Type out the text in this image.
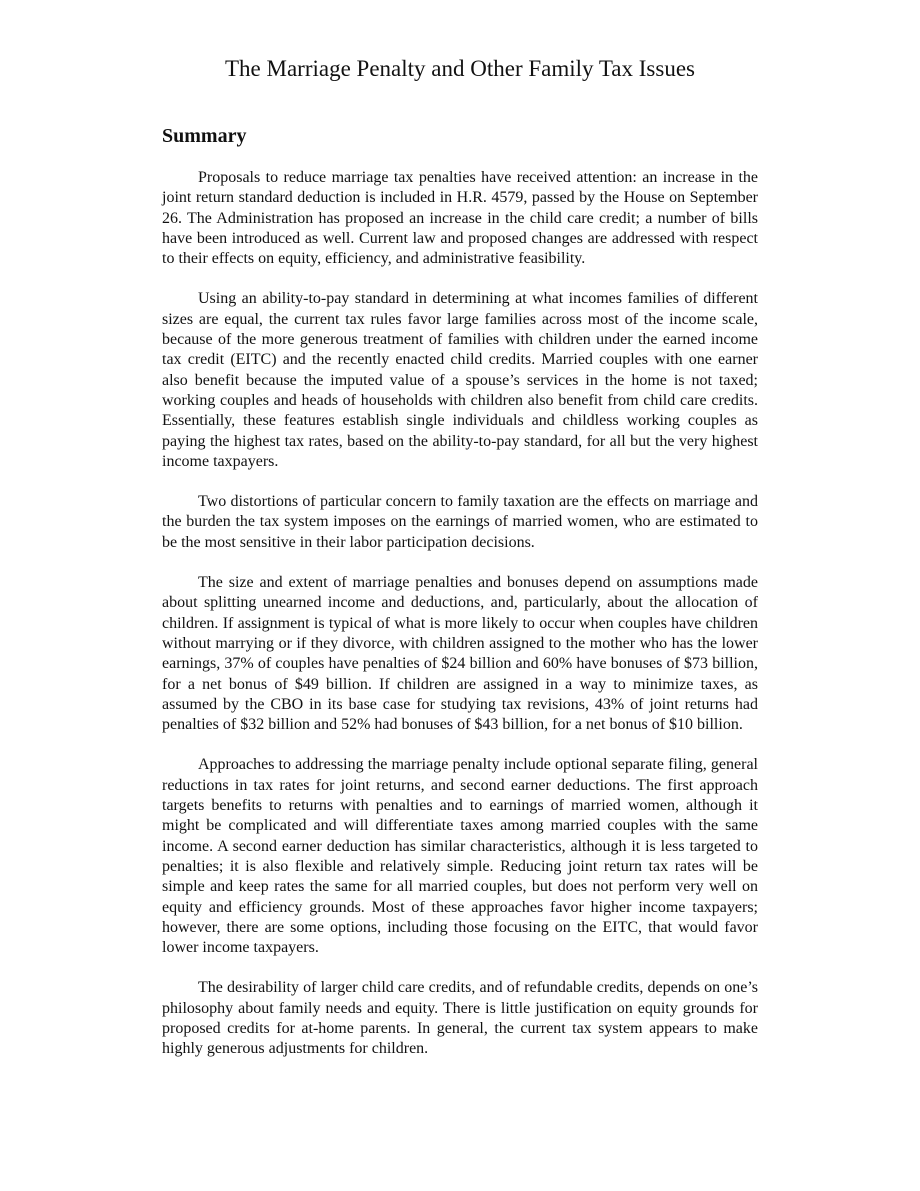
The Marriage Penalty and Other Family Tax Issues
Summary

Proposals to reduce marriage tax penalties have received attention: an increase in the joint return standard deduction is included in H.R. 4579, passed by the House on September 26. The Administration has proposed an increase in the child care credit; a number of bills have been introduced as well. Current law and proposed changes are addressed with respect to their effects on equity, efficiency, and administrative feasibility.

Using an ability-to-pay standard in determining at what incomes families of different sizes are equal, the current tax rules favor large families across most of the income scale, because of the more generous treatment of families with children under the earned income tax credit (EITC) and the recently enacted child credits. Married couples with one earner also benefit because the imputed value of a spouse’s services in the home is not taxed; working couples and heads of households with children also benefit from child care credits. Essentially, these features establish single individuals and childless working couples as paying the highest tax rates, based on the ability-to-pay standard, for all but the very highest income taxpayers.

Two distortions of particular concern to family taxation are the effects on marriage and the burden the tax system imposes on the earnings of married women, who are estimated to be the most sensitive in their labor participation decisions.

The size and extent of marriage penalties and bonuses depend on assumptions made about splitting unearned income and deductions, and, particularly, about the allocation of children. If assignment is typical of what is more likely to occur when couples have children without marrying or if they divorce, with children assigned to the mother who has the lower earnings, 37% of couples have penalties of $24 billion and 60% have bonuses of $73 billion, for a net bonus of $49 billion. If children are assigned in a way to minimize taxes, as assumed by the CBO in its base case for studying tax revisions, 43% of joint returns had penalties of $32 billion and 52% had bonuses of $43 billion, for a net bonus of $10 billion.

Approaches to addressing the marriage penalty include optional separate filing, general reductions in tax rates for joint returns, and second earner deductions. The first approach targets benefits to returns with penalties and to earnings of married women, although it might be complicated and will differentiate taxes among married couples with the same income. A second earner deduction has similar characteristics, although it is less targeted to penalties; it is also flexible and relatively simple. Reducing joint return tax rates will be simple and keep rates the same for all married couples, but does not perform very well on equity and efficiency grounds. Most of these approaches favor higher income taxpayers; however, there are some options, including those focusing on the EITC, that would favor lower income taxpayers.

The desirability of larger child care credits, and of refundable credits, depends on one’s philosophy about family needs and equity. There is little justification on equity grounds for proposed credits for at-home parents. In general, the current tax system appears to make highly generous adjustments for children.
